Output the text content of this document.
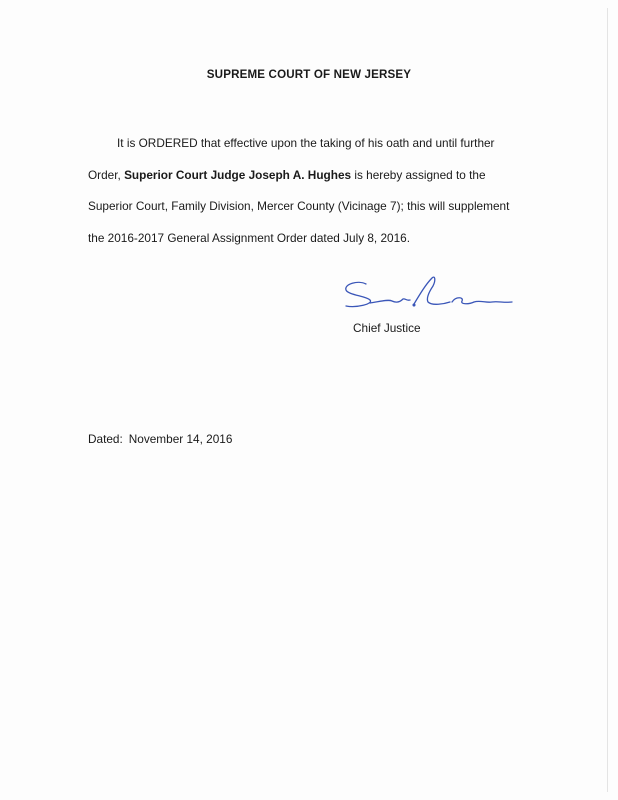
SUPREME COURT OF NEW JERSEY

It is ORDERED that effective upon the taking of his oath and until further Order, Superior Court Judge Joseph A. Hughes is hereby assigned to the Superior Court, Family Division, Mercer County (Vicinage 7); this will supplement the 2016-2017 General Assignment Order dated July 8, 2016.

Chief Justice
Dated: November 14, 2016
